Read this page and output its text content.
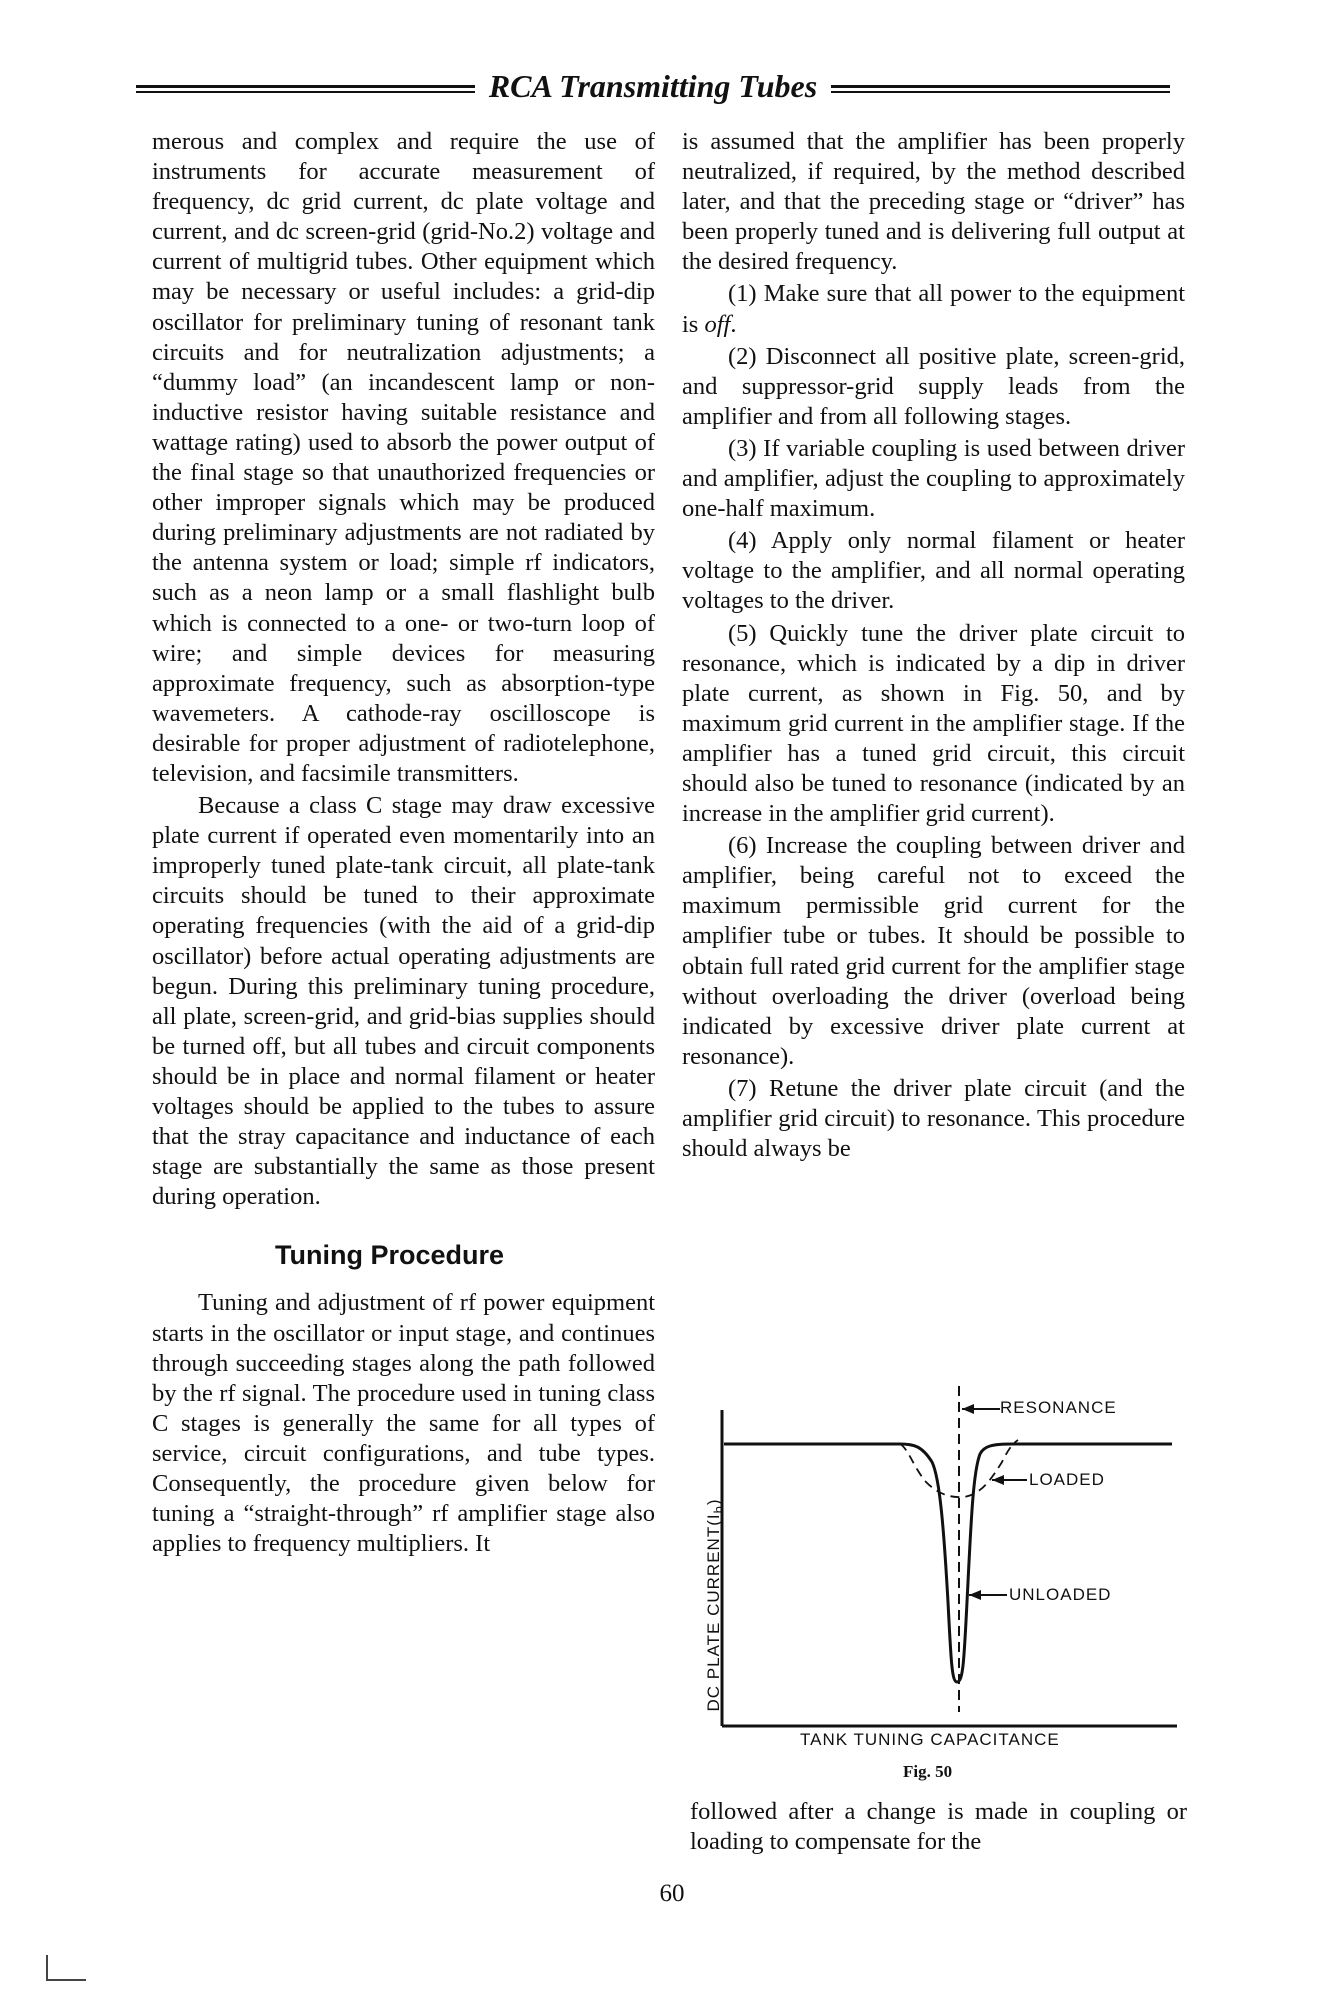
RCA Transmitting Tubes

merous and complex and require the use of instruments for accurate measurement of frequency, dc grid current, dc plate voltage and current, and dc screen-grid (grid-No.2) voltage and current of multigrid tubes. Other equipment which may be necessary or useful includes: a grid-dip oscillator for preliminary tuning of resonant tank circuits and for neutralization adjustments; a “dummy load” (an incandescent lamp or non-inductive resistor having suitable resistance and wattage rating) used to absorb the power output of the final stage so that unauthorized frequencies or other improper signals which may be produced during preliminary adjustments are not radiated by the antenna system or load; simple rf indicators, such as a neon lamp or a small flashlight bulb which is connected to a one- or two-turn loop of wire; and simple devices for measuring approximate frequency, such as absorption-type wavemeters. A cathode-ray oscilloscope is desirable for proper adjustment of radiotelephone, television, and facsimile transmitters.

Because a class C stage may draw excessive plate current if operated even momentarily into an improperly tuned plate-tank circuit, all plate-tank circuits should be tuned to their approximate operating frequencies (with the aid of a grid-dip oscillator) before actual operating adjustments are begun. During this preliminary tuning procedure, all plate, screen-grid, and grid-bias supplies should be turned off, but all tubes and circuit components should be in place and normal filament or heater voltages should be applied to the tubes to assure that the stray capacitance and inductance of each stage are substantially the same as those present during operation.

Tuning Procedure

Tuning and adjustment of rf power equipment starts in the oscillator or input stage, and continues through succeeding stages along the path followed by the rf signal. The procedure used in tuning class C stages is generally the same for all types of service, circuit configurations, and tube types. Consequently, the procedure given below for tuning a “straight-through” rf amplifier stage also applies to frequency multipliers. It

is assumed that the amplifier has been properly neutralized, if required, by the method described later, and that the preceding stage or “driver” has been properly tuned and is delivering full output at the desired frequency.

(1) Make sure that all power to the equipment is off.

(2) Disconnect all positive plate, screen-grid, and suppressor-grid supply leads from the amplifier and from all following stages.

(3) If variable coupling is used between driver and amplifier, adjust the coupling to approximately one-half maximum.

(4) Apply only normal filament or heater voltage to the amplifier, and all normal operating voltages to the driver.

(5) Quickly tune the driver plate circuit to resonance, which is indicated by a dip in driver plate current, as shown in Fig. 50, and by maximum grid current in the amplifier stage. If the amplifier has a tuned grid circuit, this circuit should also be tuned to resonance (indicated by an increase in the amplifier grid current).

(6) Increase the coupling between driver and amplifier, being careful not to exceed the maximum permissible grid current for the amplifier tube or tubes. It should be possible to obtain full rated grid current for the amplifier stage without overloading the driver (overload being indicated by excessive driver plate current at resonance).

(7) Retune the driver plate circuit (and the amplifier grid circuit) to resonance. This procedure should always be

RESONANCE
LOADED
UNLOADED
DC PLATE $CURRENT(I_b)$
TANK TUNING CAPACITANCE
Fig. 50
followed after a change is made in coupling or loading to compensate for the
60
